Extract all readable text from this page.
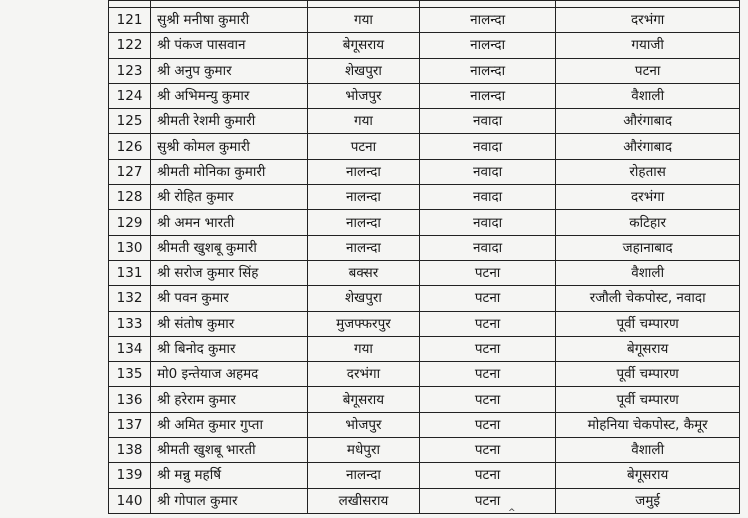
121	सुश्री मनीषा कुमारी	गया	नालन्दा	दरभंगा
122	श्री पंकज पासवान	बेगूसराय	नालन्दा	गयाजी
123	श्री अनुप कुमार	शेखपुरा	नालन्दा	पटना
124	श्री अभिमन्यु कुमार	भोजपुर	नालन्दा	वैशाली
125	श्रीमती रेशमी कुमारी	गया	नवादा	औरंगाबाद
126	सुश्री कोमल कुमारी	पटना	नवादा	औरंगाबाद
127	श्रीमती मोनिका कुमारी	नालन्दा	नवादा	रोहतास
128	श्री रोहित कुमार	नालन्दा	नवादा	दरभंगा
129	श्री अमन भारती	नालन्दा	नवादा	कटिहार
130	श्रीमती खुशबू कुमारी	नालन्दा	नवादा	जहानाबाद
131	श्री सरोज कुमार सिंह	बक्सर	पटना	वैशाली
132	श्री पवन कुमार	शेखपुरा	पटना	रजौली चेकपोस्ट, नवादा
133	श्री संतोष कुमार	मुजफ्फरपुर	पटना	पूर्वी चम्पारण
134	श्री बिनोद कुमार	गया	पटना	बेगूसराय
135	मो0 इन्तेयाज अहमद	दरभंगा	पटना	पूर्वी चम्पारण
136	श्री हरेराम कुमार	बेगूसराय	पटना	पूर्वी चम्पारण
137	श्री अमित कुमार गुप्ता	भोजपुर	पटना	मोहनिया चेकपोस्ट, कैमूर
138	श्रीमती खुशबू भारती	मधेपुरा	पटना	वैशाली
139	श्री मन्नु महर्षि	नालन्दा	पटना	बेगूसराय
140	श्री गोपाल कुमार	लखीसराय	पटना	जमुई
^
